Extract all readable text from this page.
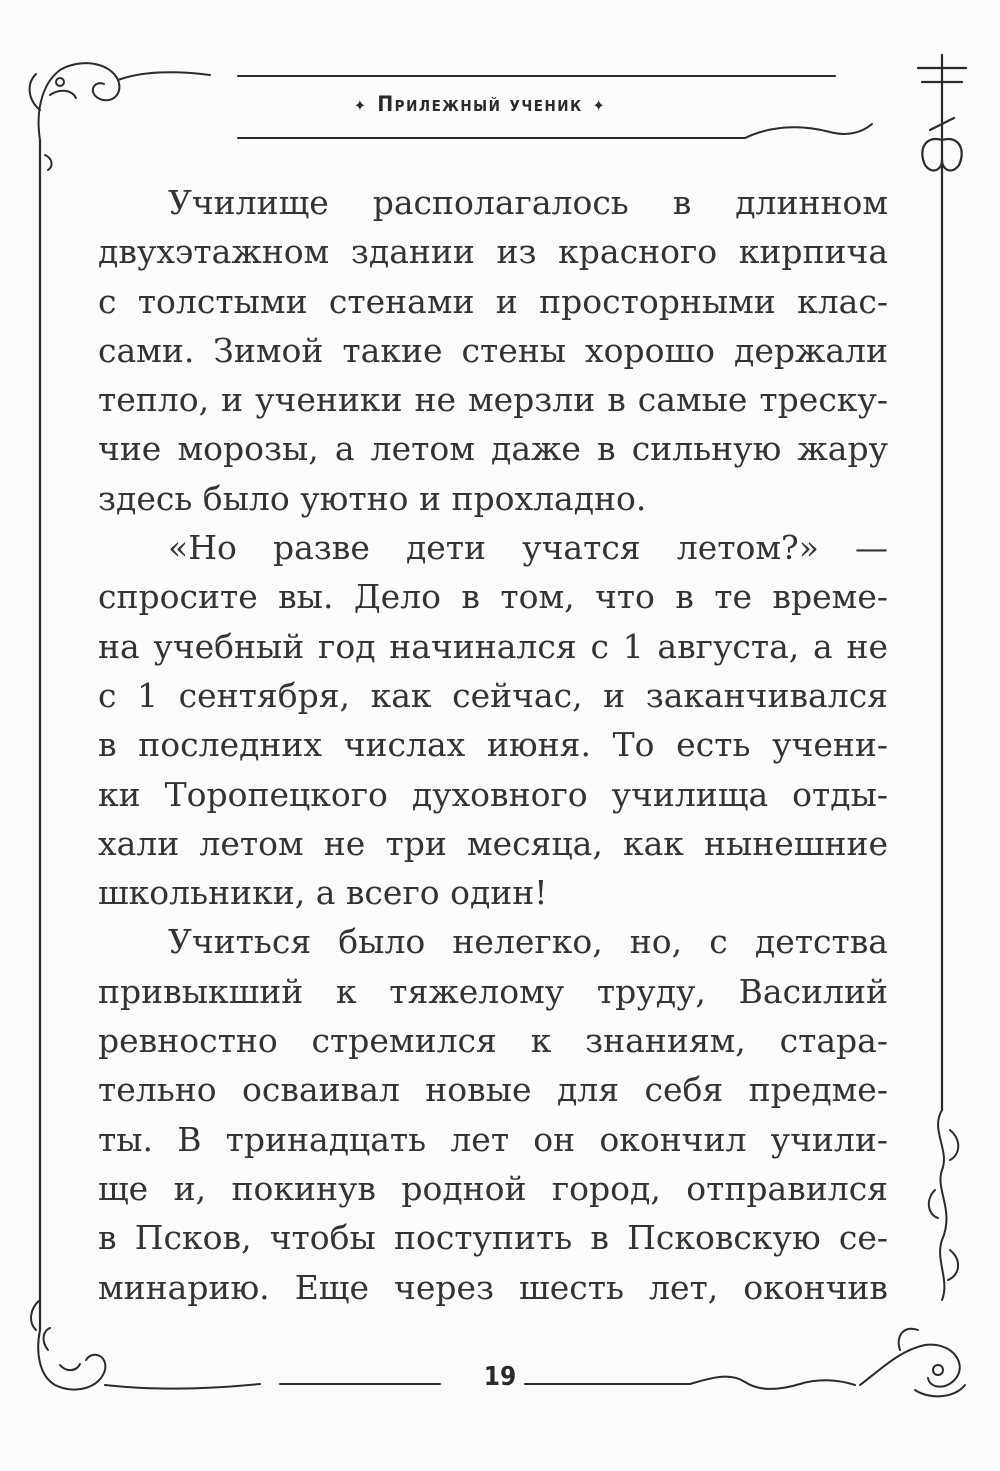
✦ Прилежный ученик ✦
Училище располагалось в длинном
двухэтажном здании из красного кирпича
с толстыми стенами и просторными клас-
сами. Зимой такие стены хорошо держали
тепло, и ученики не мерзли в самые треску-
чие морозы, а летом даже в сильную жару
здесь было уютно и прохладно.
«Но разве дети учатся летом?» —
спросите вы. Дело в том, что в те време-
на учебный год начинался с 1 августа, а не
с 1 сентября, как сейчас, и заканчивался
в последних числах июня. То есть учени-
ки Торопецкого духовного училища отды-
хали летом не три месяца, как нынешние
школьники, а всего один!
Учиться было нелегко, но, с детства
привыкший к тяжелому труду, Василий
ревностно стремился к знаниям, стара-
тельно осваивал новые для себя предме-
ты. В тринадцать лет он окончил учили-
ще и, покинув родной город, отправился
в Псков, чтобы поступить в Псковскую се-
минарию. Еще через шесть лет, окончив
19
